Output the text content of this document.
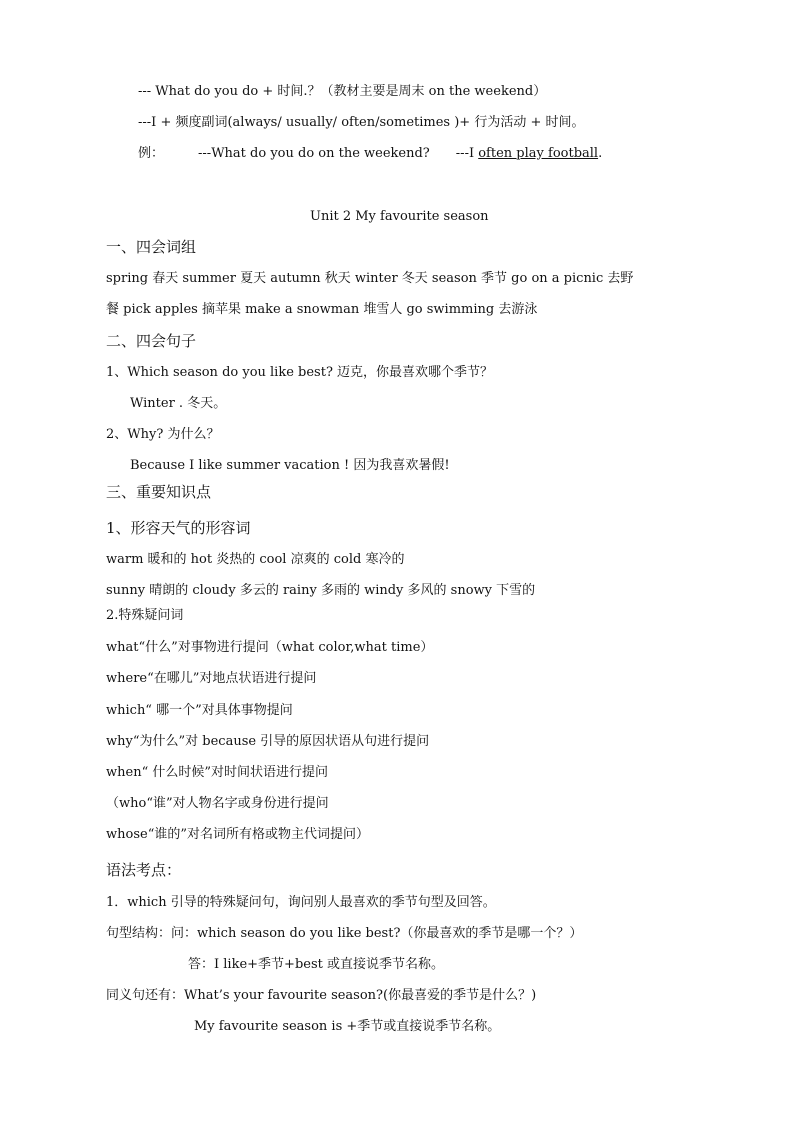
--- What do you do + 时间.？（教材主要是周末 on the weekend）
---I + 频度副词(always/ usually/ often/sometimes )+ 行为活动 + 时间。
例：	---What do you do on the weekend? ---I often play football.
Unit 2 My favourite season
一、四会词组
spring 春天 summer 夏天 autumn 秋天 winter 冬天 season 季节 go on a picnic 去野
餐 pick apples 摘苹果 make a snowman 堆雪人 go swimming 去游泳
二、四会句子
1、Which season do you like best? 迈克，你最喜欢哪个季节？
Winter . 冬天。
2、Why? 为什么？
Because I like summer vacation ! 因为我喜欢暑假!
三、重要知识点
1、形容天气的形容词
warm 暖和的 hot 炎热的 cool 凉爽的 cold 寒冷的
sunny 晴朗的 cloudy 多云的 rainy 多雨的 windy 多风的 snowy 下雪的
2.特殊疑问词
what“什么”对事物进行提问（what color,what time）
where“在哪儿”对地点状语进行提问
which“ 哪一个”对具体事物提问
why“为什么”对 because 引导的原因状语从句进行提问
when“ 什么时候”对时间状语进行提问
（who“谁”对人物名字或身份进行提问
whose“谁的”对名词所有格或物主代词提问）
语法考点：
1．which 引导的特殊疑问句，询问别人最喜欢的季节句型及回答。
句型结构：问：which season do you like best?（你最喜欢的季节是哪一个？）
答：I like+季节+best 或直接说季节名称。
同义句还有：What’s your favourite season?(你最喜爱的季节是什么？)
My favourite season is +季节或直接说季节名称。
